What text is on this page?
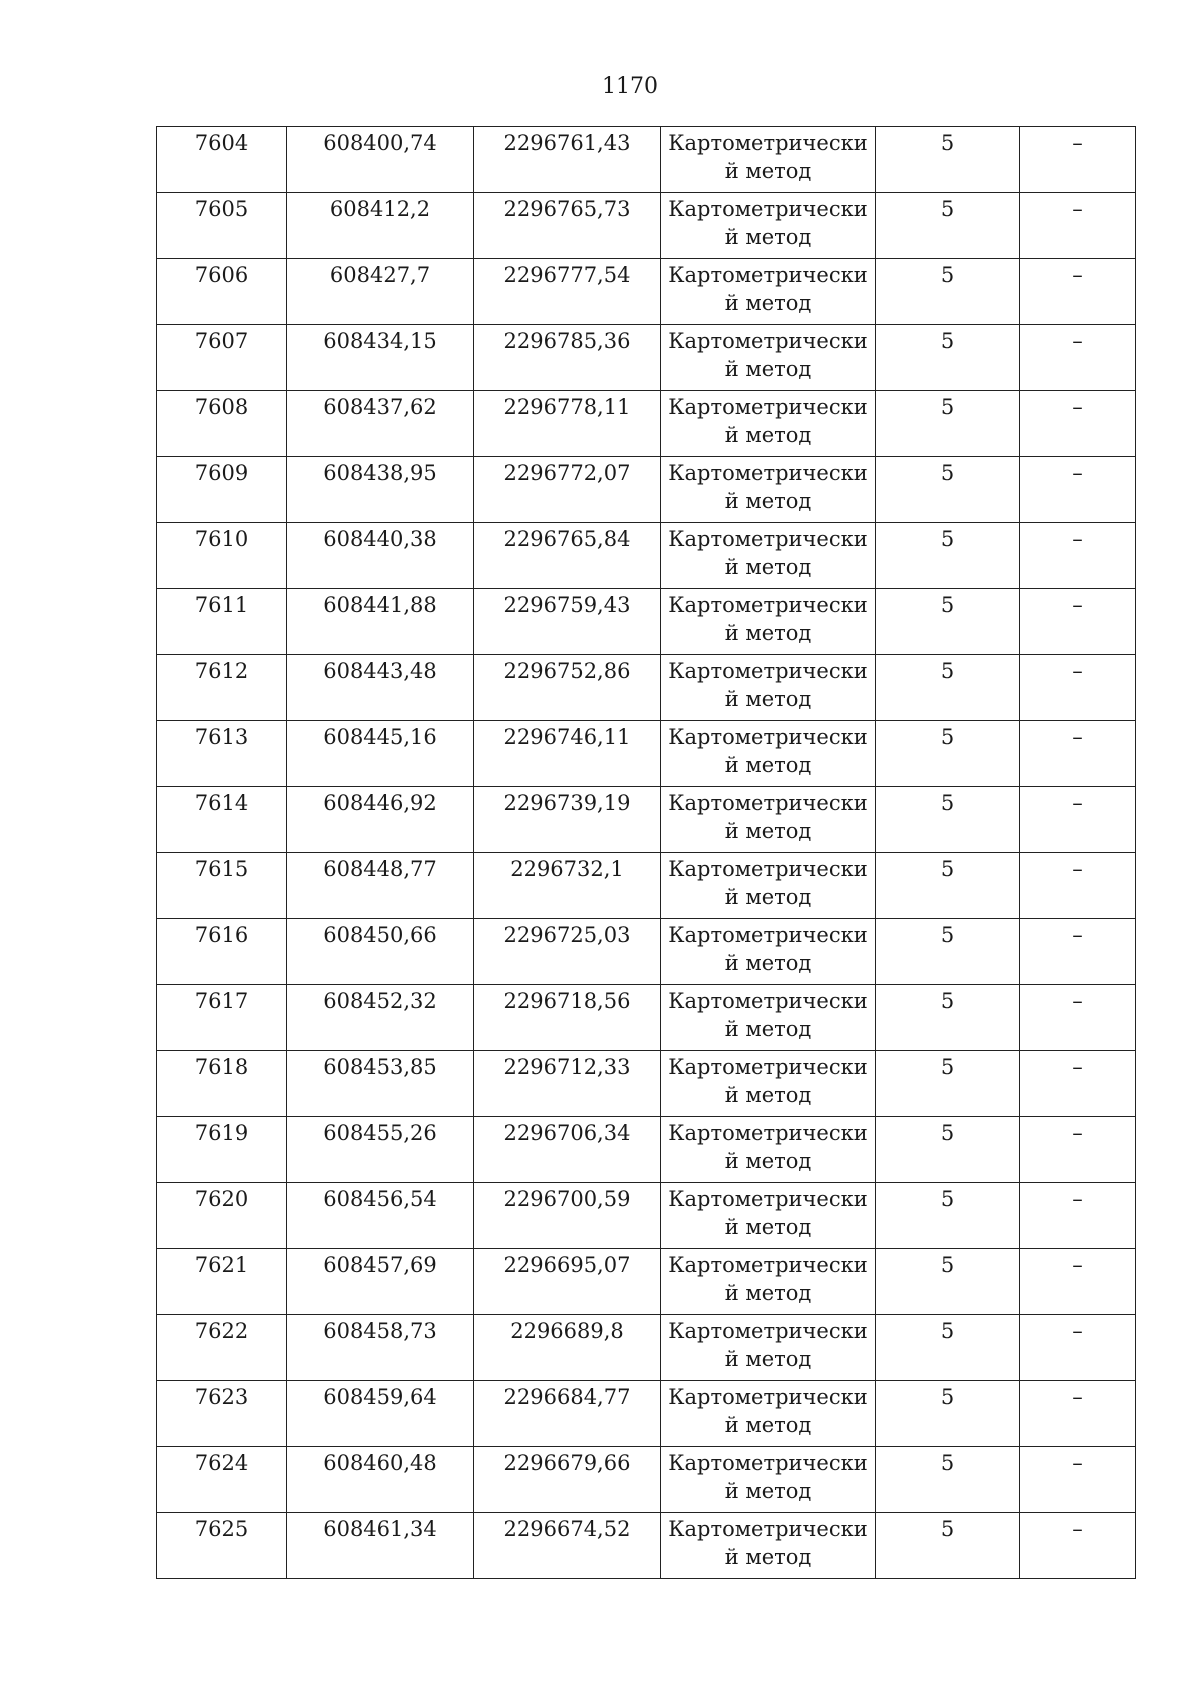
1170
7604	608400,74	2296761,43	Картометрически й метод	5	–
7605	608412,2	2296765,73	Картометрически й метод	5	–
7606	608427,7	2296777,54	Картометрически й метод	5	–
7607	608434,15	2296785,36	Картометрически й метод	5	–
7608	608437,62	2296778,11	Картометрически й метод	5	–
7609	608438,95	2296772,07	Картометрически й метод	5	–
7610	608440,38	2296765,84	Картометрически й метод	5	–
7611	608441,88	2296759,43	Картометрически й метод	5	–
7612	608443,48	2296752,86	Картометрически й метод	5	–
7613	608445,16	2296746,11	Картометрически й метод	5	–
7614	608446,92	2296739,19	Картометрически й метод	5	–
7615	608448,77	2296732,1	Картометрически й метод	5	–
7616	608450,66	2296725,03	Картометрически й метод	5	–
7617	608452,32	2296718,56	Картометрически й метод	5	–
7618	608453,85	2296712,33	Картометрически й метод	5	–
7619	608455,26	2296706,34	Картометрически й метод	5	–
7620	608456,54	2296700,59	Картометрически й метод	5	–
7621	608457,69	2296695,07	Картометрически й метод	5	–
7622	608458,73	2296689,8	Картометрически й метод	5	–
7623	608459,64	2296684,77	Картометрически й метод	5	–
7624	608460,48	2296679,66	Картометрически й метод	5	–
7625	608461,34	2296674,52	Картометрически й метод	5	–
